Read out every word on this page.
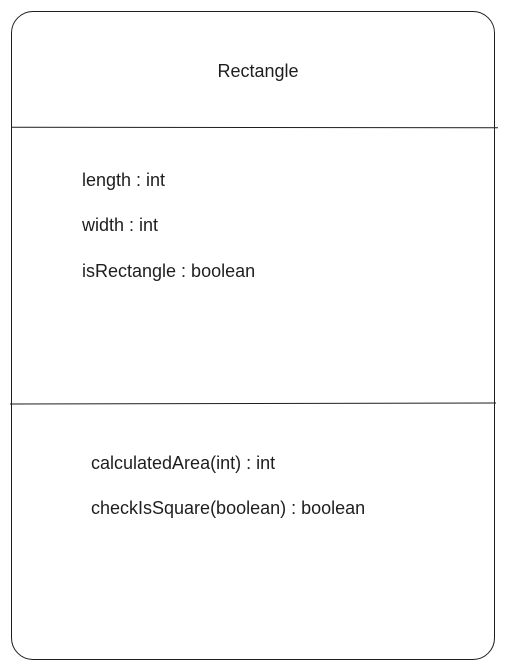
Rectangle
length : int
width : int
isRectangle : boolean
calculatedArea(int) : int
checkIsSquare(boolean) : boolean
